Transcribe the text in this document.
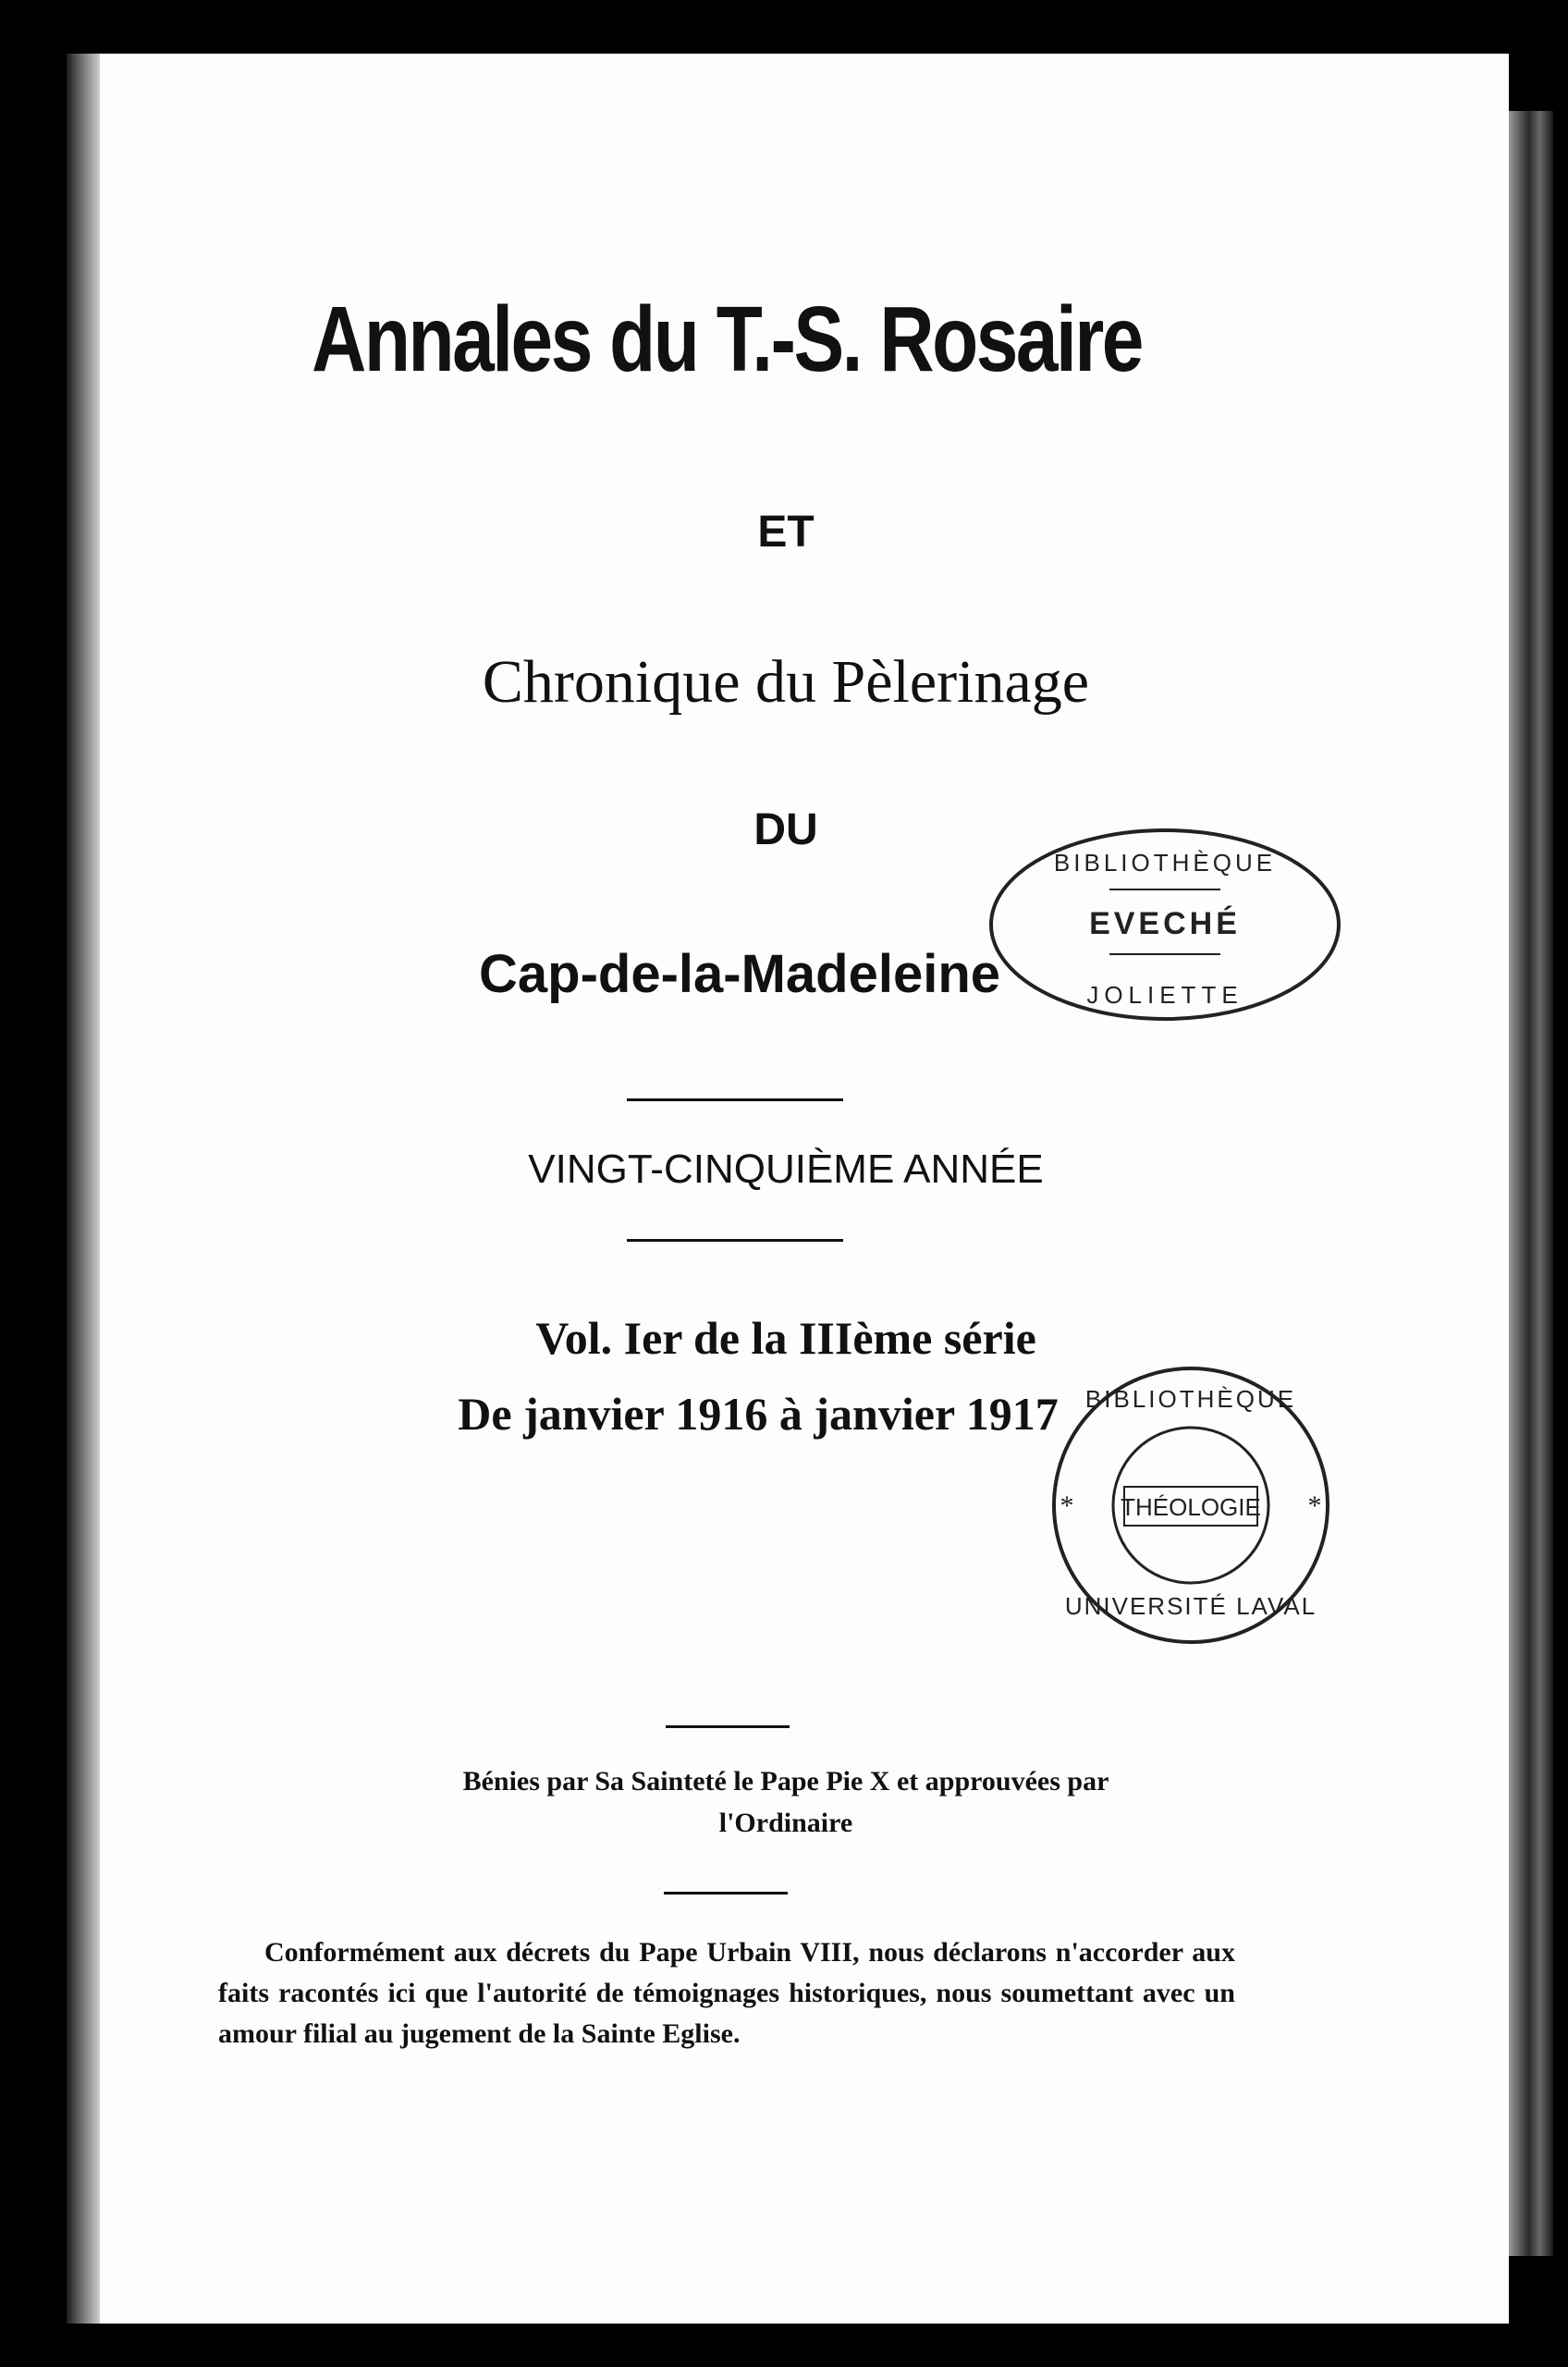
Annales du T.-S. Rosaire
ET
Chronique du Pèlerinage
DU
Cap-de-la-Madeleine
VINGT-CINQUIÈME ANNÉE
Vol. Ier de la IIIème série
De janvier 1916 à janvier 1917
Bénies par Sa Sainteté le Pape Pie X et approuvées par
l'Ordinaire
Conformément aux décrets du Pape Urbain VIII, nous déclarons n'accorder aux faits racontés ici que l'autorité de témoignages historiques, nous soumettant avec un amour filial au jugement de la Sainte Eglise.
BIBLIOTHÈQUE
EVECHÉ
JOLIETTE
BIBLIOTHÈQUE
THÉOLOGIE
UNIVERSITÉ LAVAL
*	*
